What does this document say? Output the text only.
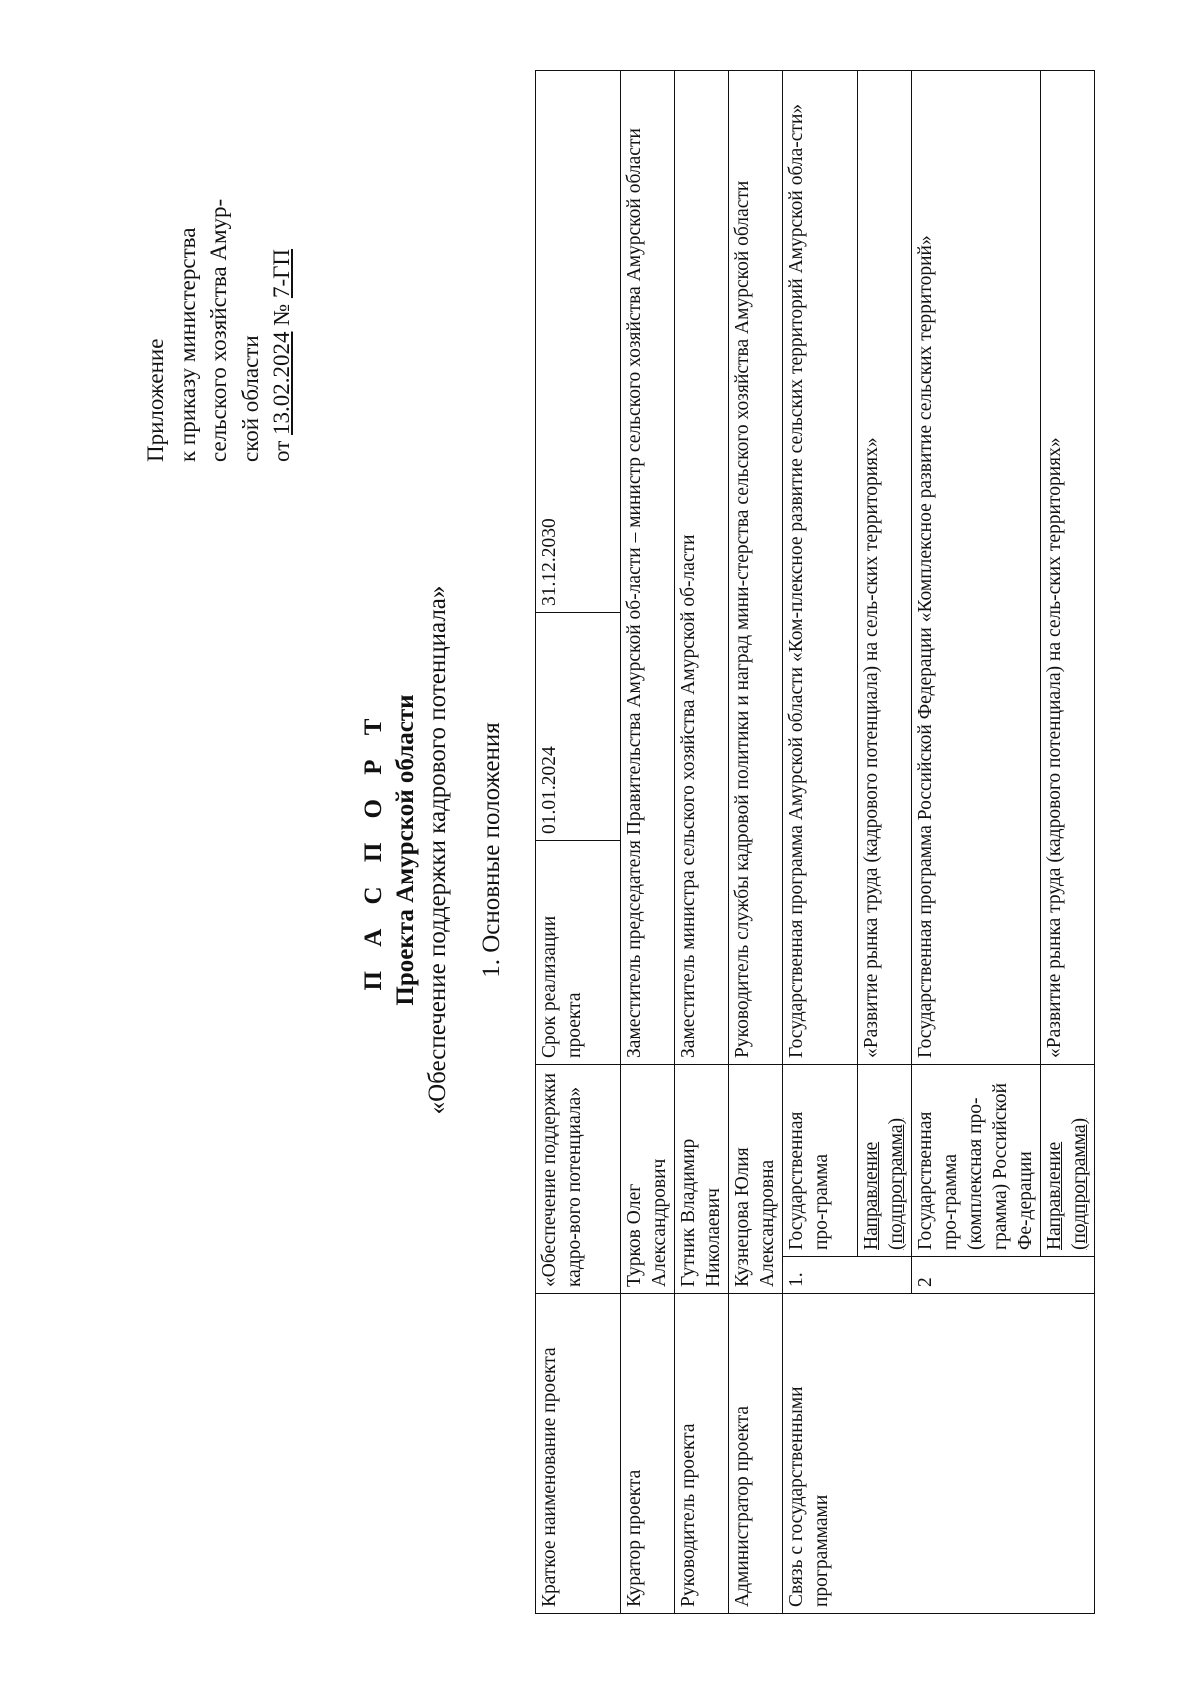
Приложение к приказу министерства сельского хозяйства Амур- ской области от 13.02.2024 № 7-ГП
П А С П О Р Т Проекта Амурской области «Обеспечение поддержки кадрового потенциала» 1. Основные положения
Краткое наименование проекта	«Обеспечение поддержки кадро-вого потенциала»		Срок реализации проекта	01.01.2024	31.12.2030
Куратор проекта	Турков Олег Александрович		Заместитель председателя Правительства Амурской об-ласти – министр сельского хозяйства Амурской области		
Руководитель проекта	Гутник Владимир Николаевич		Заместитель министра сельского хозяйства Амурской об-ласти		
Администратор проекта	Кузнецова Юлия Александровна		Руководитель службы кадровой политики и наград мини-стерства сельского хозяйства Амурской области		
Связь с государственными программами	1.	Государственная про-грамма	Государственная программа Амурской области «Ком-плексное развитие сельских территорий Амурской обла-сти»		
		Направление (подпрограмма)	«Развитие рынка труда (кадрового потенциала) на сель-ских территориях»		
	2	Государственная про-грамма (комплексная про-грамма) Российской Фе-дерации	Государственная программа Российской Федерации «Комплексное развитие сельских территорий»		
		Направление (подпрограмма)	«Развитие рынка труда (кадрового потенциала) на сель-ских территориях»		
